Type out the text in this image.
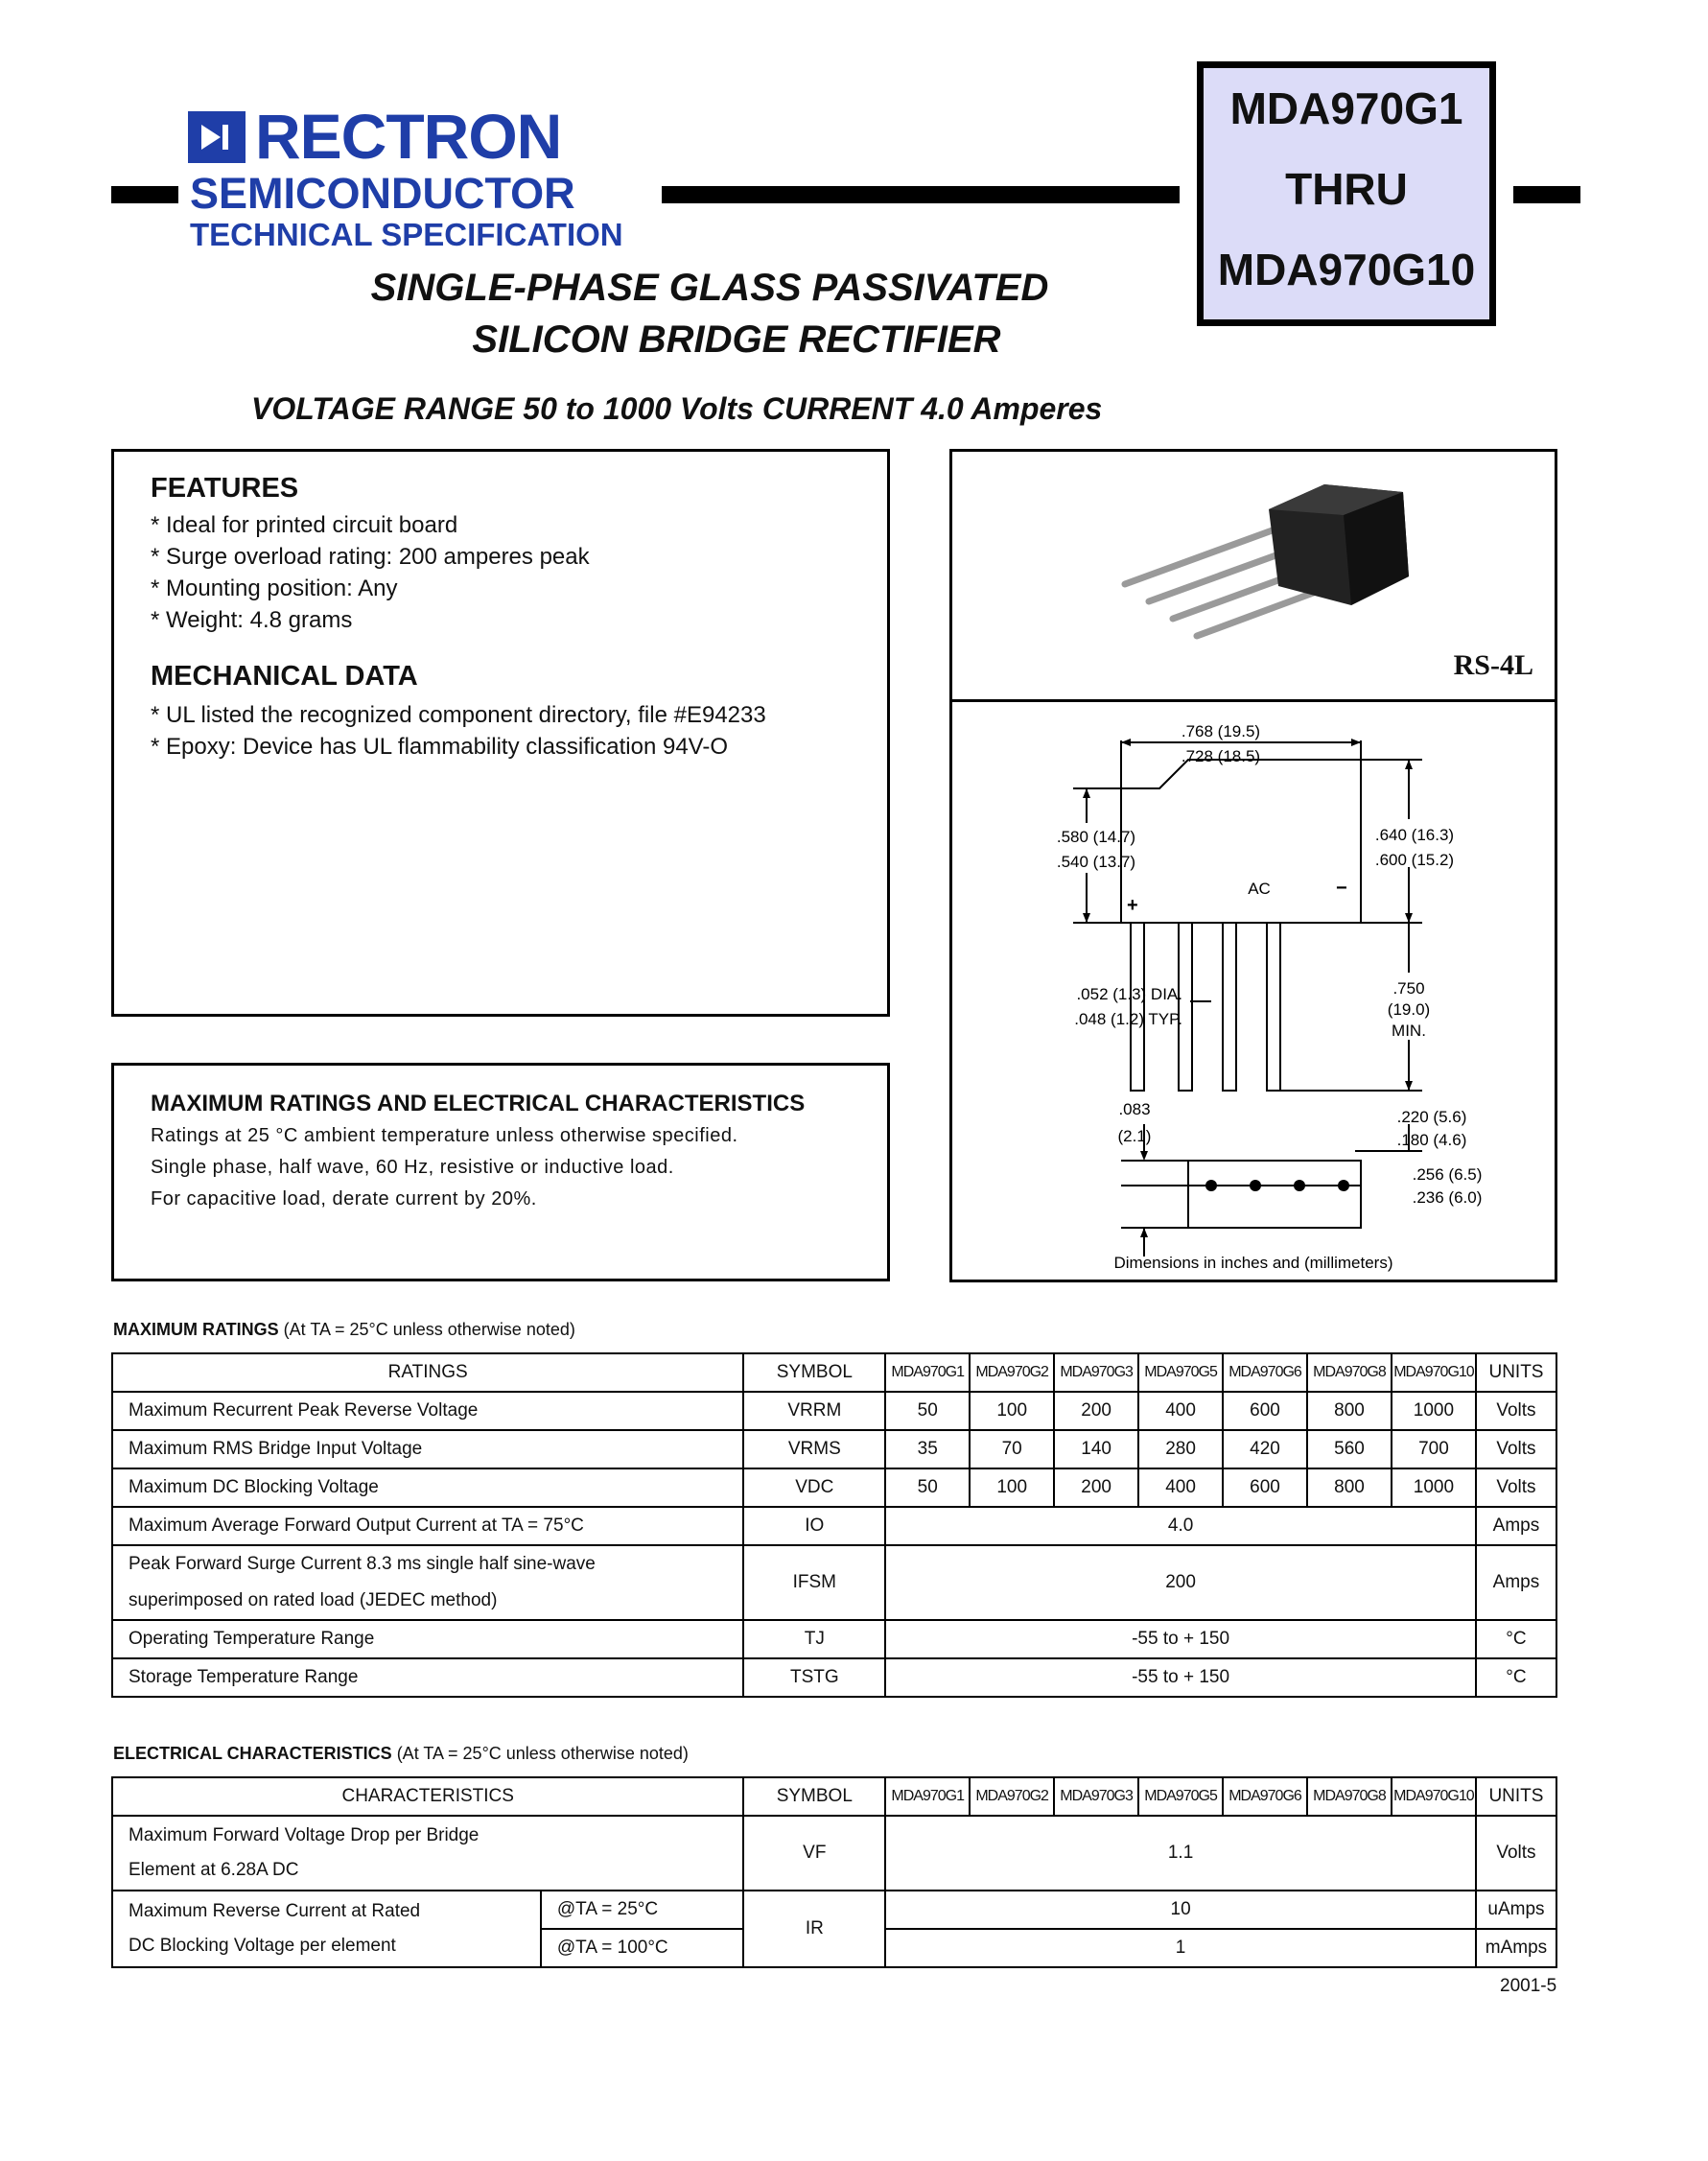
RECTRON
SEMICONDUCTOR
TECHNICAL SPECIFICATION
MDA970G1
THRU
MDA970G10
SINGLE-PHASE GLASS PASSIVATED
SILICON BRIDGE RECTIFIER
VOLTAGE RANGE 50 to 1000 Volts CURRENT 4.0 Amperes
FEATURES
* Ideal for printed circuit board
* Surge overload rating: 200 amperes peak
* Mounting position: Any
* Weight: 4.8 grams
MECHANICAL DATA
* UL listed the recognized component directory, file #E94233
* Epoxy: Device has UL flammability classification 94V-O
MAXIMUM RATINGS AND ELECTRICAL CHARACTERISTICS
Ratings at 25 °C ambient temperature unless otherwise specified.
Single phase, half wave, 60 Hz, resistive or inductive load.
For capacitive load, derate current by 20%.
RS-4L
.768 (19.5)
.728 (18.5)
.580 (14.7)
.540 (13.7)
.640 (16.3)
.600 (15.2)
+
AC	−
.052 (1.3) DIA.
.048 (1.2) TYP.
.750
(19.0)
MIN.
.083
(2.1)
.220 (5.6)
.180 (4.6)
.256 (6.5)
.236 (6.0)
Dimensions in inches and (millimeters)
MAXIMUM RATINGS (At TA = 25°C unless otherwise noted)
RATINGS	SYMBOL	MDA970G1	MDA970G2	MDA970G3	MDA970G5	MDA970G6	MDA970G8	MDA970G10	UNITS
Maximum Recurrent Peak Reverse Voltage	VRRM	50	100	200	400	600	800	1000	Volts
Maximum RMS Bridge Input Voltage	VRMS	35	70	140	280	420	560	700	Volts
Maximum DC Blocking Voltage	VDC	50	100	200	400	600	800	1000	Volts
Maximum Average Forward Output Current at TA = 75°C	IO	4.0							Amps
Peak Forward Surge Current 8.3 ms single half sine-wave
superimposed on rated load (JEDEC method)	IFSM	200							Amps
Operating Temperature Range	TJ	-55 to + 150							°C
Storage Temperature Range	TSTG	-55 to + 150							°C
ELECTRICAL CHARACTERISTICS (At TA = 25°C unless otherwise noted)
CHARACTERISTICS		SYMBOL	MDA970G1	MDA970G2	MDA970G3	MDA970G5	MDA970G6	MDA970G8	MDA970G10	UNITS
Maximum Forward Voltage Drop per Bridge
Element at 6.28A DC		VF	1.1							Volts
Maximum Reverse Current at Rated
DC Blocking Voltage per element	@TA = 25°C	IR	10							uAmps
	@TA = 100°C		1							mAmps
2001-5
